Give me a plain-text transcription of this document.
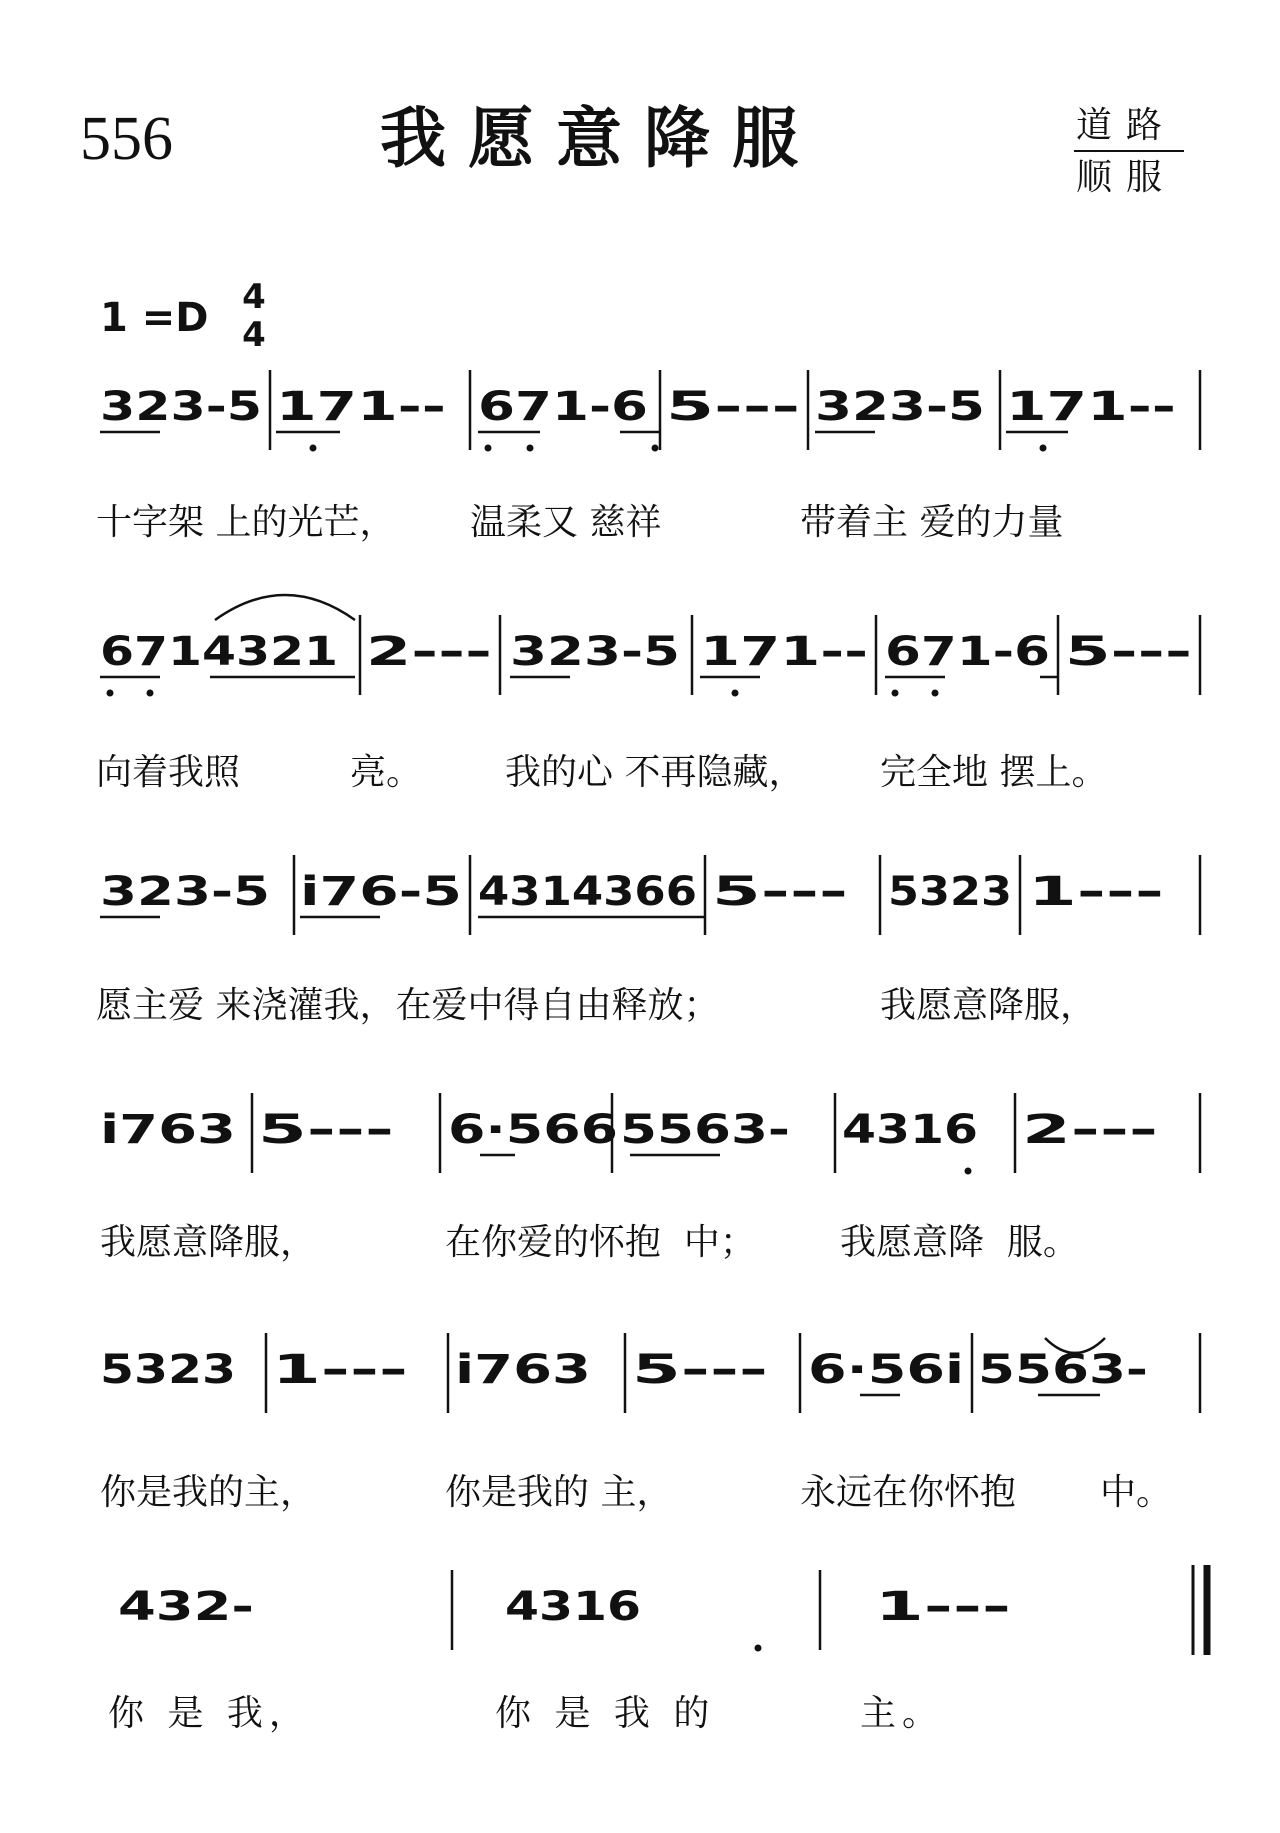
556	我愿意降服	道路
顺服
1 =D 4
4
323-5 171-- 671-6 5--- 323-5 171--
6714321 2--- 323-5 171-- 671-6 5---
323-5 i76-5 4314366 5--- 5323 1---
i763 5--- 6·566 5563- 4316 2---
5323 1--- i763 5--- 6·56i 5563-
432-	4316	1---
十字架 上的光芒， 温柔又 慈祥	带着主 爱的力量
向着我照	亮。 我的心 不再隐藏， 完全地 摆上。
愿主爱 来浇灌我，在爱中得自由释放；	我愿意降服，
我愿意降服，	在你爱的怀抱  中； 我愿意降  服。
你是我的主，	你是我的 主，	永远在你怀抱 中。
你 是 我，	你 是 我 的	主。
